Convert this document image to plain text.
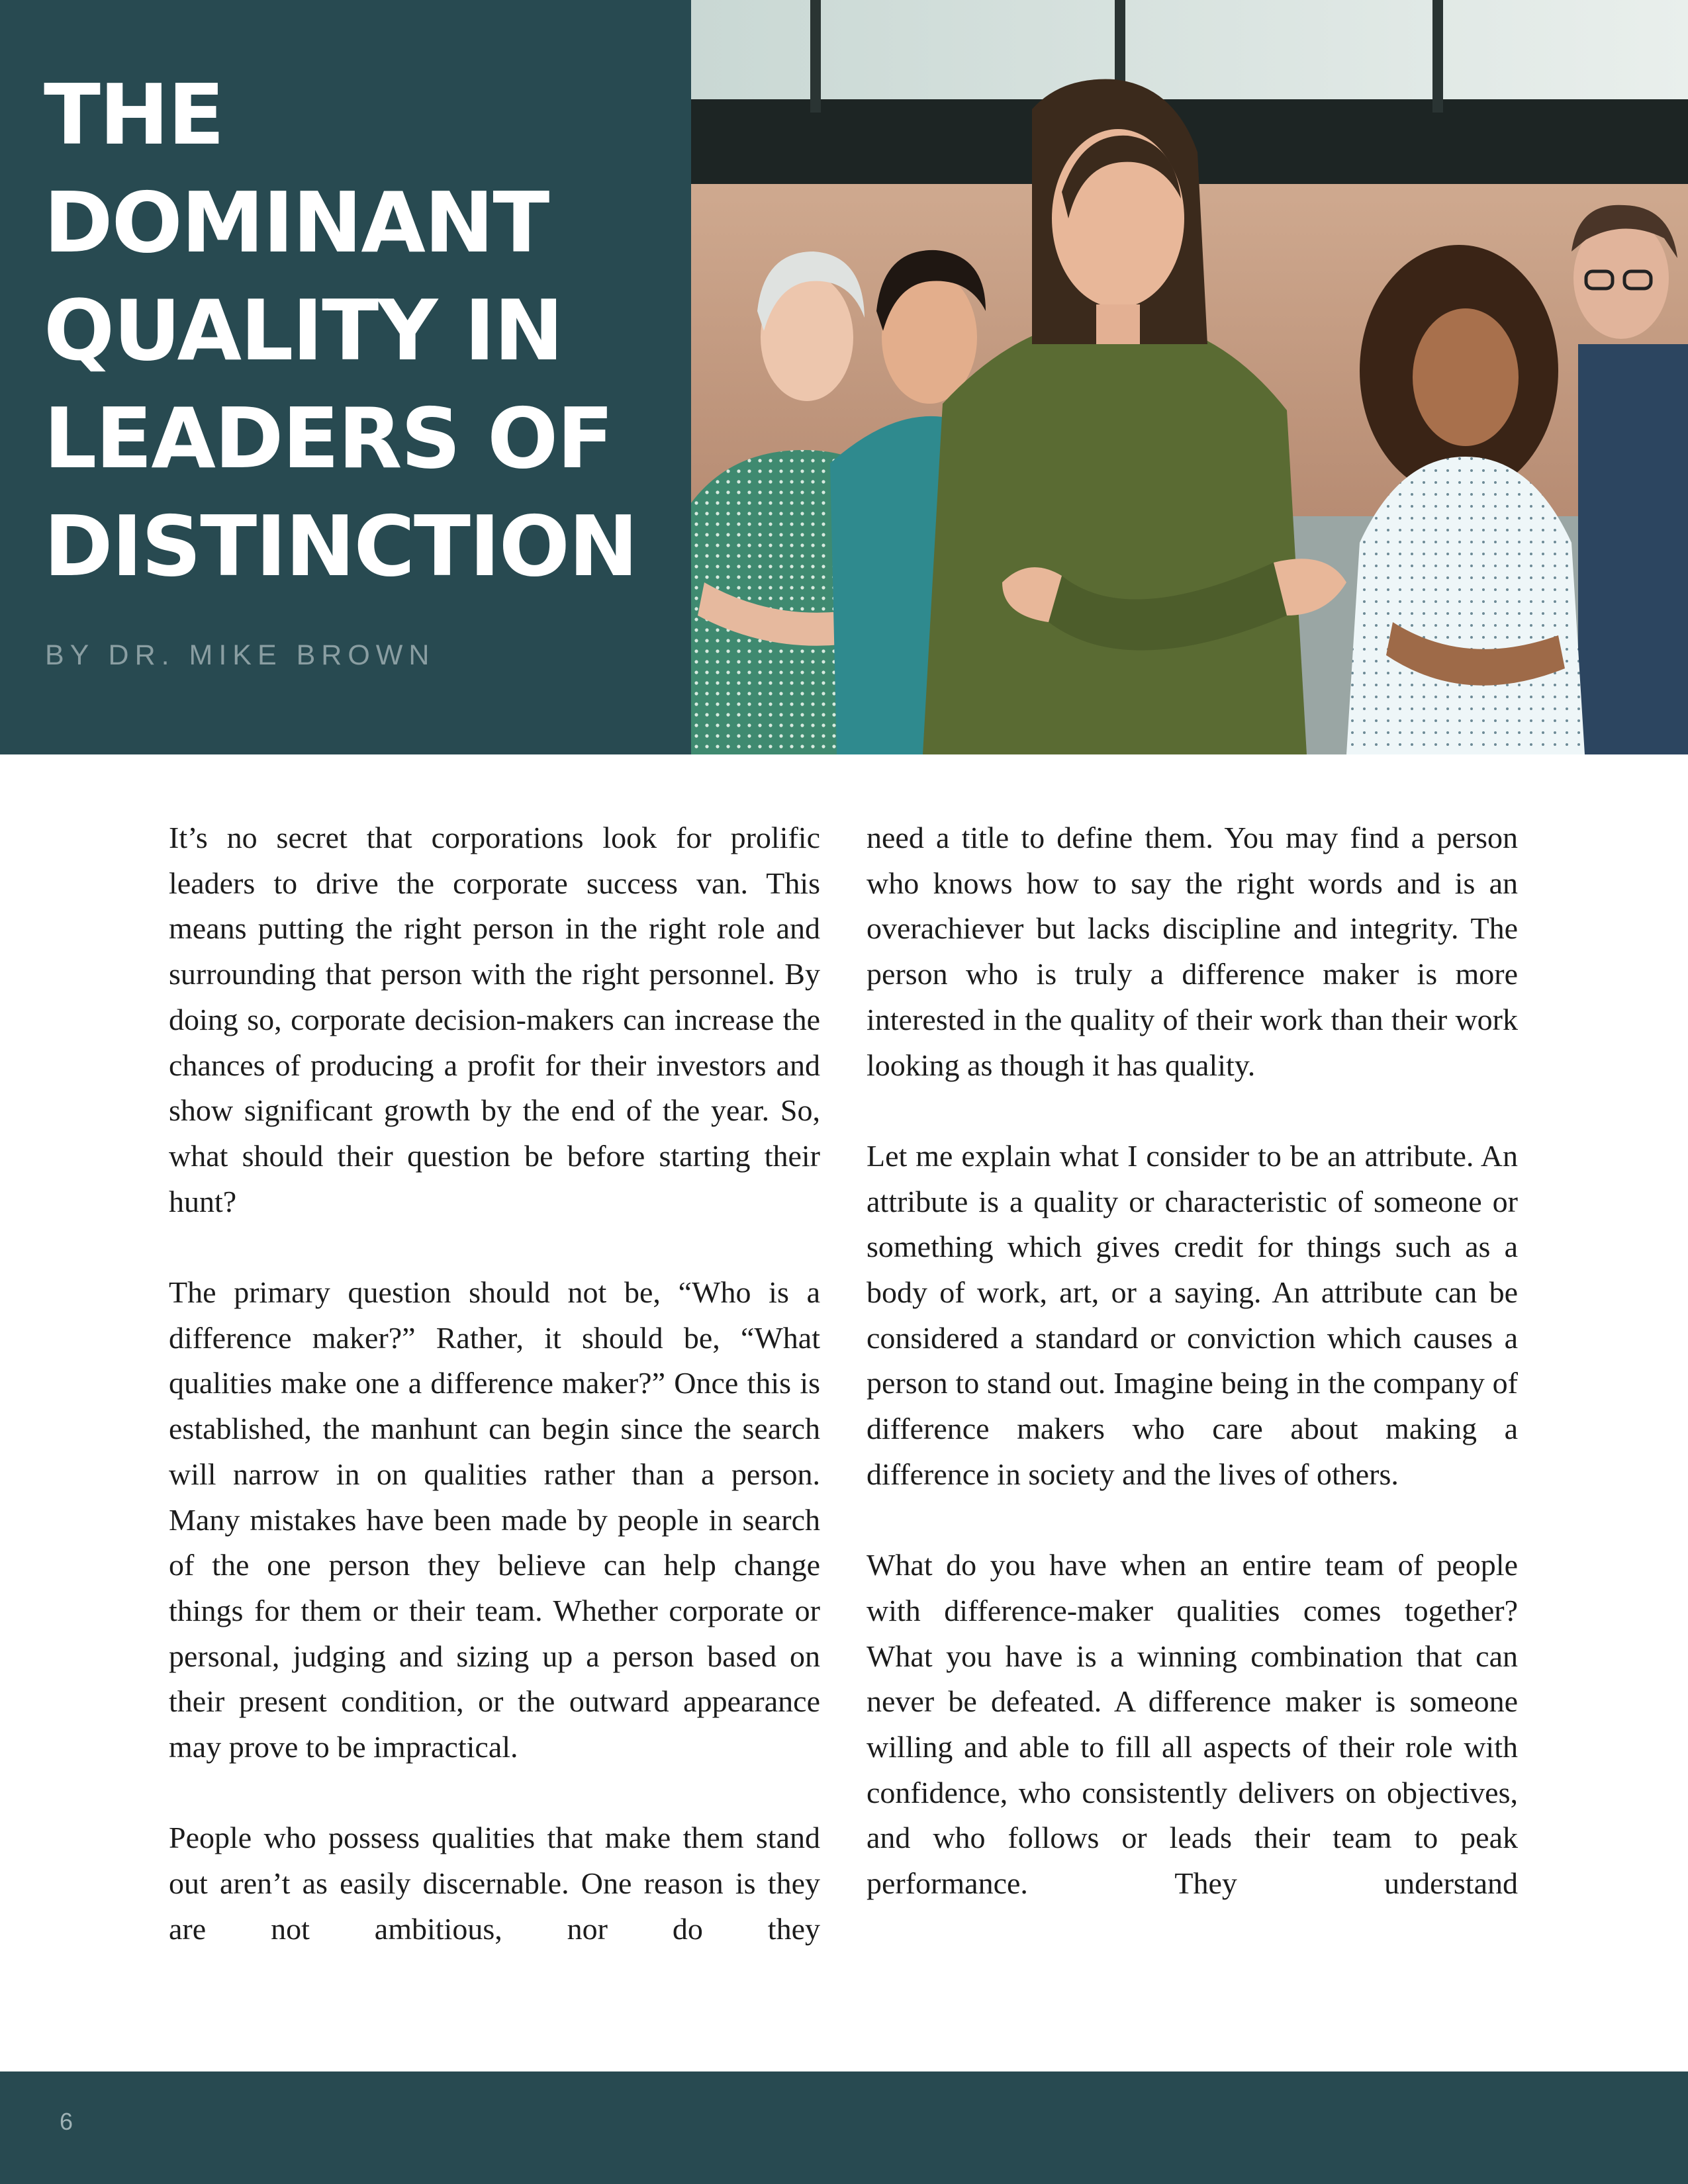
THE
DOMINANT
QUALITY IN
LEADERS OF
DISTINCTION
BY DR. MIKE BROWN

It’s no secret that corporations look for prolific leaders to drive the corporate success van. This means putting the right person in the right role and surrounding that person with the right personnel. By doing so, corporate decision-makers can increase the chances of producing a profit for their investors and show significant growth by the end of the year. So, what should their question be before starting their hunt?

The primary question should not be, “Who is a difference maker?” Rather, it should be, “What qualities make one a difference maker?” Once this is established, the manhunt can begin since the search will narrow in on qualities rather than a person. Many mistakes have been made by people in search of the one person they believe can help change things for them or their team. Whether corporate or personal, judging and sizing up a person based on their present condition, or the outward appearance may prove to be impractical.

People who possess qualities that make them stand out aren’t as easily discernable. One reason is they are not ambitious, nor do they

need a title to define them. You may find a person who knows how to say the right words and is an overachiever but lacks discipline and integrity. The person who is truly a difference maker is more interested in the quality of their work than their work looking as though it has quality.

Let me explain what I consider to be an attribute. An attribute is a quality or characteristic of someone or something which gives credit for things such as a body of work, art, or a saying. An attribute can be considered a standard or conviction which causes a person to stand out. Imagine being in the company of difference makers who care about making a difference in society and the lives of others.

What do you have when an entire team of people with difference-maker qualities comes together? What you have is a winning combination that can never be defeated. A difference maker is someone willing and able to fill all aspects of their role with confidence, who consistently delivers on objectives, and who follows or leads their team to peak performance. They understand

6
